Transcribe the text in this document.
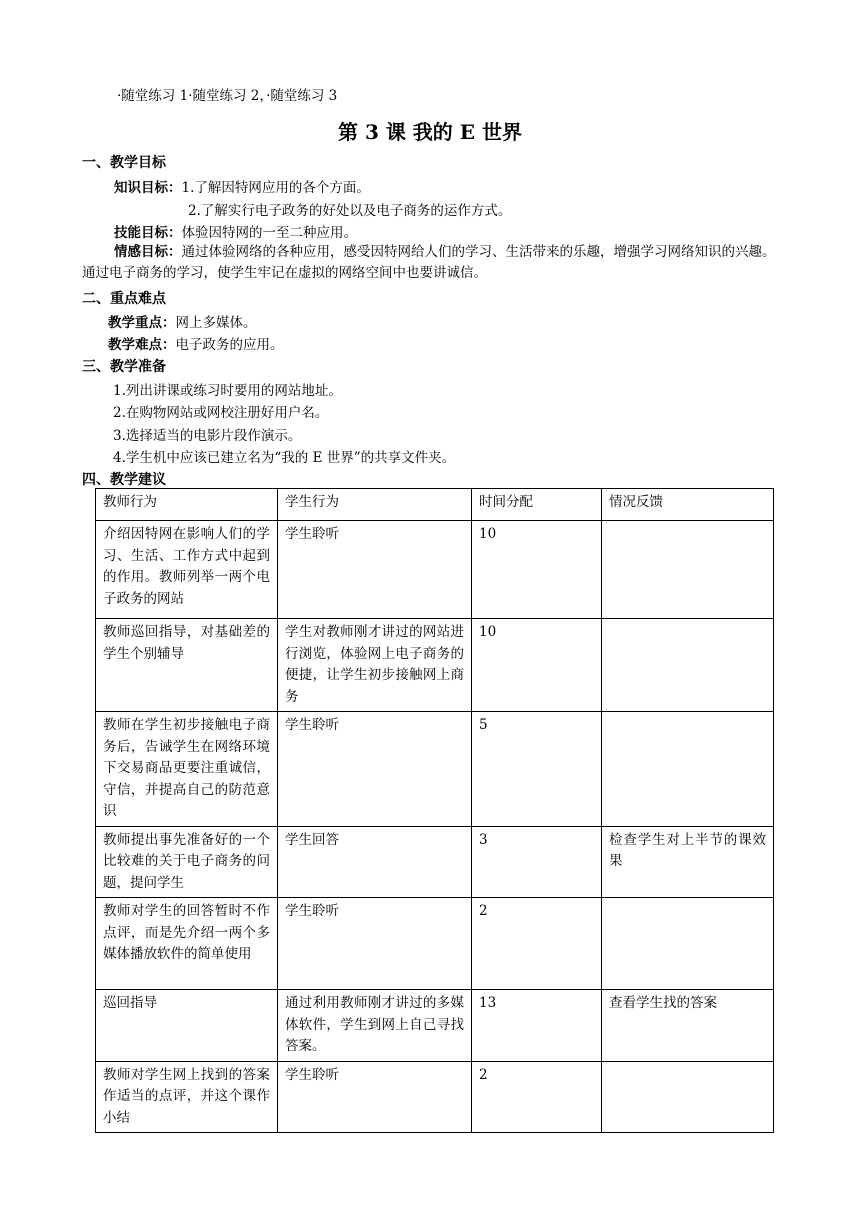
·随堂练习 1·随堂练习 2，·随堂练习 3
第 3 课 我的 E 世界
一、教学目标
知识目标：1.了解因特网应用的各个方面。
2.了解实行电子政务的好处以及电子商务的运作方式。
技能目标：体验因特网的一至二种应用。
情感目标：通过体验网络的各种应用，感受因特网给人们的学习、生活带来的乐趣，增强学习网络知识的兴趣。通过电子商务的学习，使学生牢记在虚拟的网络空间中也要讲诚信。
二、重点难点
教学重点：网上多媒体。
教学难点：电子政务的应用。
三、教学准备
1.列出讲课或练习时要用的网站地址。
2.在购物网站或网校注册好用户名。
3.选择适当的电影片段作演示。
4.学生机中应该已建立名为“我的 E 世界”的共享文件夹。
四、教学建议
教师行为	学生行为	时间分配	情况反馈
介绍因特网在影响人们的学习、生活、工作方式中起到的作用。教师列举一两个电子政务的网站	学生聆听	10	
教师巡回指导，对基础差的学生个别辅导	学生对教师刚才讲过的网站进行浏览，体验网上电子商务的便捷，让学生初步接触网上商务	10	
教师在学生初步接触电子商务后，告诫学生在网络环境下交易商品更要注重诚信，守信，并提高自己的防范意识	学生聆听	5	
教师提出事先准备好的一个比较难的关于电子商务的问题，提问学生	学生回答	3	检查学生对上半节的课效果
教师对学生的回答暂时不作点评，而是先介绍一两个多媒体播放软件的简单使用	学生聆听	2	
巡回指导	通过利用教师刚才讲过的多媒体软件，学生到网上自己寻找答案。	13	查看学生找的答案
教师对学生网上找到的答案作适当的点评，并这个课作小结	学生聆听	2	
